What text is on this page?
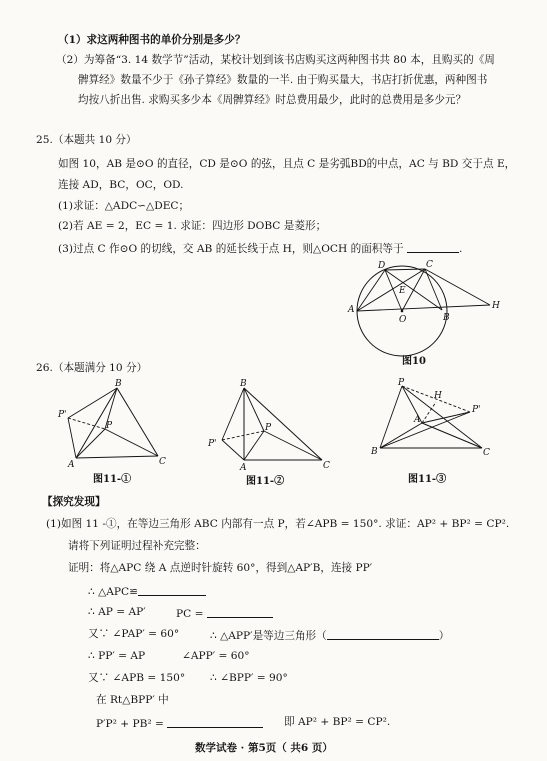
（1）求这两种图书的单价分别是多少？
（2）为筹备“3. 14 数学节”活动，某校计划到该书店购买这两种图书共 80 本，且购买的《周
髀算经》数量不少于《孙子算经》数量的一半. 由于购买量大，书店打折优惠，两种图书
均按八折出售. 求购买多少本《周髀算经》时总费用最少，此时的总费用是多少元？
25.（本题共 10 分）
如图 10，AB 是⊙O 的直径，CD 是⊙O 的弦，且点 C 是劣弧BD的中点，AC 与 BD 交于点 E，
连接 AD，BC，OC，OD.
(1)求证：△ADC∽△DEC；
(2)若 AE = 2，EC = 1. 求证：四边形 DOBC 是菱形；
(3)过点 C 作⊙O 的切线，交 AB 的延长线于点 H，则△OCH 的面积等于	.
D	C
E
A
O	B
H
图10
26.（本题满分 10 分）
B
P'
P
A	C
图11-①
B
P'
P
A	C
图11-②
P
H
P'
A
B	C
图11-③
【探究发现】
(1)如图 11 -①，在等边三角形 ABC 内部有一点 P，若∠APB = 150°. 求证：AP² + BP² = CP².
请将下列证明过程补充完整：
证明：将△APC 绕 A 点逆时针旋转 60°，得到△AP′B，连接 PP′
∴ △APC≌
∴ AP = AP′	PC =
又∵ ∠PAP′ = 60°	∴ △APP′是等边三角形（	）
∴ PP′ = AP	∠APP′ = 60°
又∵ ∠APB = 150° ∴ ∠BPP′ = 90°
在 Rt△BPP′ 中
P′P² + PB² =	即 AP² + BP² = CP².
数学试卷 · 第5页（ 共6 页）
